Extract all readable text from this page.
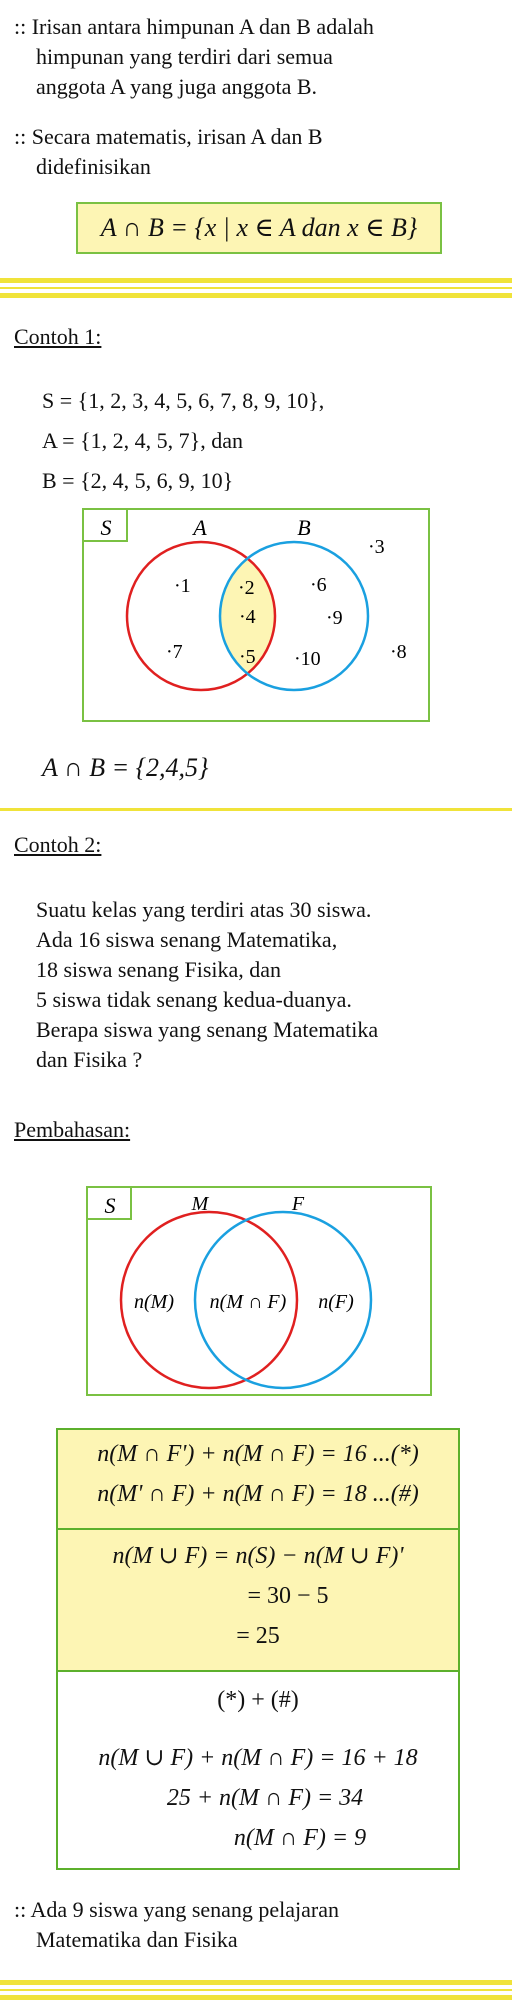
:: Irisan antara himpunan A dan B adalah
himpunan yang terdiri dari semua
anggota A yang juga anggota B.
:: Secara matematis, irisan A dan B
didefinisikan
A ∩ B = {x | x ∈ A dan x ∈ B}
Contoh 1:
S = {1, 2, 3, 4, 5, 6, 7, 8, 9, 10},
A = {1, 2, 4, 5, 7}, dan
B = {2, 4, 5, 6, 9, 10}
S	A	B
·1
·7
·2
·4
·5
·6
·9
·10
·3
·8
A ∩ B = {2,4,5}
Contoh 2:
Suatu kelas yang terdiri atas 30 siswa.
Ada 16 siswa senang Matematika,
18 siswa senang Fisika, dan
5 siswa tidak senang kedua-duanya.
Berapa siswa yang senang Matematika
dan Fisika ?
Pembahasan:
S	M	F
n(M) n(M ∩ F) n(F)
n(M ∩ F') + n(M ∩ F) = 16 ...(*)
n(M' ∩ F) + n(M ∩ F) = 18 ...(#)
n(M ∪ F) = n(S) − n(M ∪ F)'
= 30 − 5
= 25
(*) + (#)
n(M ∪ F) + n(M ∩ F) = 16 + 18
25 + n(M ∩ F) = 34
n(M ∩ F) = 9
:: Ada 9 siswa yang senang pelajaran
Matematika dan Fisika
